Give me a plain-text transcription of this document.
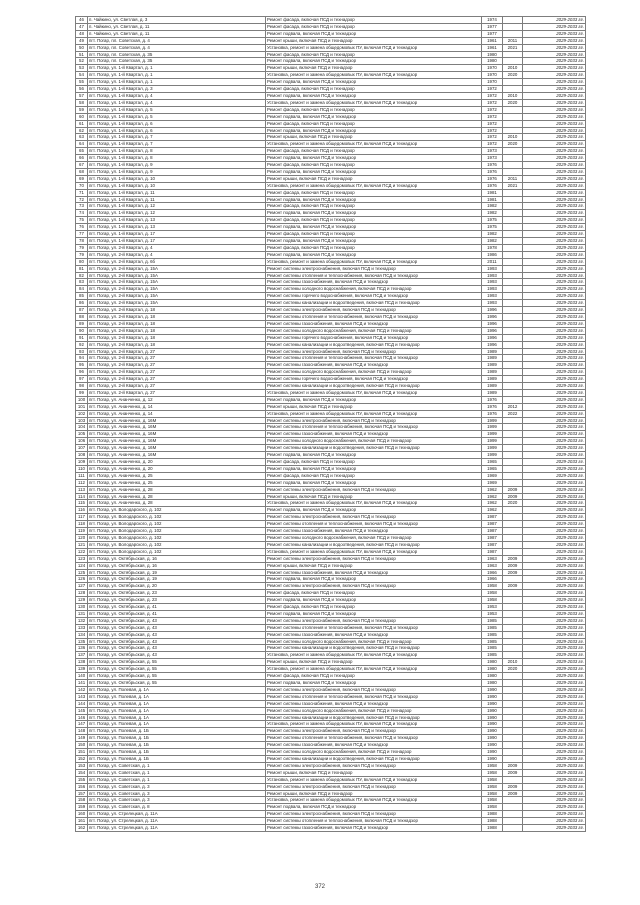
46	п. Чайкино, ул. Светлая, д. 3	Ремонт фасада, включая ПСД и технадзор	1974		2029-2033 гг.
47	п. Чайкино, ул. Светлая, д. 11	Ремонт фасада, включая ПСД и технадзор	1977		2029-2033 гг.
48	п. Чайкино, ул. Светлая, д. 11	Ремонт подвала, включая ПСД и технадзор	1977		2029-2033 гг.
49	пгт. Погар, пл. Советская, д. 4	Ремонт крыши, включая ПСД и технадзор	1961	2011	2029-2033 гг.
50	пгт. Погар, пл. Советская, д. 4	Установка, ремонт и замена общедомовых ПУ, включая ПСД и технадзор	1961	2021	2029-2033 гг.
51	пгт. Погар, пл. Советская, д. 35	Ремонт фасада, включая ПСД и технадзор	1980		2029-2033 гг.
52	пгт. Погар, пл. Советская, д. 35	Ремонт подвала, включая ПСД и технадзор	1980		2029-2033 гг.
53	пгт. Погар, ул. 1-й Квартал, д. 1	Ремонт крыши, включая ПСД и технадзор	1970	2010	2029-2033 гг.
54	пгт. Погар, ул. 1-й Квартал, д. 1	Установка, ремонт и замена общедомовых ПУ, включая ПСД и технадзор	1970	2020	2029-2033 гг.
55	пгт. Погар, ул. 1-й Квартал, д. 1	Ремонт подвала, включая ПСД и технадзор	1970		2029-2033 гг.
56	пгт. Погар, ул. 1-й Квартал, д. 3	Ремонт фасада, включая ПСД и технадзор	1972		2029-2033 гг.
57	пгт. Погар, ул. 1-й Квартал, д. 4	Ремонт подвала, включая ПСД и технадзор	1972	2010	2029-2033 гг.
58	пгт. Погар, ул. 1-й Квартал, д. 4	Установка, ремонт и замена общедомовых ПУ, включая ПСД и технадзор	1972	2020	2029-2033 гг.
59	пгт. Погар, ул. 1-й Квартал, д. 5	Ремонт фасада, включая ПСД и технадзор	1972		2029-2033 гг.
60	пгт. Погар, ул. 1-й Квартал, д. 5	Ремонт подвала, включая ПСД и технадзор	1972		2029-2033 гг.
61	пгт. Погар, ул. 1-й Квартал, д. 6	Ремонт фасада, включая ПСД и технадзор	1972		2029-2033 гг.
62	пгт. Погар, ул. 1-й Квартал, д. 6	Ремонт подвала, включая ПСД и технадзор	1972		2029-2033 гг.
63	пгт. Погар, ул. 1-й Квартал, д. 7	Ремонт крыши, включая ПСД и технадзор	1972	2010	2029-2033 гг.
64	пгт. Погар, ул. 1-й Квартал, д. 7	Установка, ремонт и замена общедомовых ПУ, включая ПСД и технадзор	1972	2020	2029-2033 гг.
65	пгт. Погар, ул. 1-й Квартал, д. 8	Ремонт фасада, включая ПСД и технадзор	1973		2029-2033 гг.
66	пгт. Погар, ул. 1-й Квартал, д. 8	Ремонт подвала, включая ПСД и технадзор	1973		2029-2033 гг.
67	пгт. Погар, ул. 1-й Квартал, д. 9	Ремонт фасада, включая ПСД и технадзор	1976		2029-2033 гг.
68	пгт. Погар, ул. 1-й Квартал, д. 9	Ремонт подвала, включая ПСД и технадзор	1976		2029-2033 гг.
69	пгт. Погар, ул. 1-й Квартал, д. 10	Ремонт крыши, включая ПСД и технадзор	1976	2011	2029-2033 гг.
70	пгт. Погар, ул. 1-й Квартал, д. 10	Установка, ремонт и замена общедомовых ПУ, включая ПСД и технадзор	1976	2021	2029-2033 гг.
71	пгт. Погар, ул. 1-й Квартал, д. 11	Ремонт фасада, включая ПСД и технадзор	1981		2029-2033 гг.
72	пгт. Погар, ул. 1-й Квартал, д. 11	Ремонт подвала, включая ПСД и технадзор	1981		2029-2033 гг.
73	пгт. Погар, ул. 1-й Квартал, д. 12	Ремонт фасада, включая ПСД и технадзор	1982		2029-2033 гг.
74	пгт. Погар, ул. 1-й Квартал, д. 12	Ремонт подвала, включая ПСД и технадзор	1982		2029-2033 гг.
75	пгт. Погар, ул. 1-й Квартал, д. 13	Ремонт фасада, включая ПСД и технадзор	1975		2029-2033 гг.
76	пгт. Погар, ул. 1-й Квартал, д. 13	Ремонт подвала, включая ПСД и технадзор	1975		2029-2033 гг.
77	пгт. Погар, ул. 1-й Квартал, д. 17	Ремонт фасада, включая ПСД и технадзор	1982		2029-2033 гг.
78	пгт. Погар, ул. 1-й Квартал, д. 17	Ремонт подвала, включая ПСД и технадзор	1982		2029-2033 гг.
79	пгт. Погар, ул. 2-й Квартал, д. 4	Ремонт фасада, включая ПСД и технадзор	1978		2029-2033 гг.
79	пгт. Погар, ул. 2-й Квартал, д. 4	Ремонт подвала, включая ПСД и технадзор	1986		2029-2033 гг.
80	пгт. Погар, ул. 2-й Квартал, д. 6б	Установка, ремонт и замена общедомовых ПУ, включая ПСД и технадзор	2011		2029-2033 гг.
81	пгт. Погар, ул. 2-й Квартал, д. 15А	Ремонт системы электроснабжения, включая ПСД и технадзор	1993		2029-2033 гг.
82	пгт. Погар, ул. 2-й Квартал, д. 15А	Ремонт системы отопления и теплоснабжения, включая ПСД и технадзор	1993		2029-2033 гг.
83	пгт. Погар, ул. 2-й Квартал, д. 15А	Ремонт системы газоснабжения, включая ПСД и технадзор	1993		2029-2033 гг.
84	пгт. Погар, ул. 2-й Квартал, д. 15А	Ремонт системы холодного водоснабжения, включая ПСД и технадзор	1993		2029-2033 гг.
85	пгт. Погар, ул. 2-й Квартал, д. 15А	Ремонт системы горячего водоснабжения, включая ПСД и технадзор	1993		2029-2033 гг.
86	пгт. Погар, ул. 2-й Квартал, д. 15А	Ремонт системы канализации и водоотведения, включая ПСД и технадзор	1993		2029-2033 гг.
87	пгт. Погар, ул. 2-й Квартал, д. 18	Ремонт системы электроснабжения, включая ПСД и технадзор	1996		2029-2033 гг.
88	пгт. Погар, ул. 2-й Квартал, д. 18	Ремонт системы отопления и теплоснабжения, включая ПСД и технадзор	1996		2029-2033 гг.
89	пгт. Погар, ул. 2-й Квартал, д. 18	Ремонт системы газоснабжения, включая ПСД и технадзор	1996		2029-2033 гг.
90	пгт. Погар, ул. 2-й Квартал, д. 18	Ремонт системы холодного водоснабжения, включая ПСД и технадзор	1996		2029-2033 гг.
91	пгт. Погар, ул. 2-й Квартал, д. 18	Ремонт системы горячего водоснабжения, включая ПСД и технадзор	1996		2029-2033 гг.
92	пгт. Погар, ул. 2-й Квартал, д. 18	Ремонт системы канализации и водоотведения, включая ПСД и технадзор	1996		2029-2033 гг.
93	пгт. Погар, ул. 2-й Квартал, д. 27	Ремонт системы электроснабжения, включая ПСД и технадзор	1989		2029-2033 гг.
94	пгт. Погар, ул. 2-й Квартал, д. 27	Ремонт системы отопления и теплоснабжения, включая ПСД и технадзор	1989		2029-2033 гг.
95	пгт. Погар, ул. 2-й Квартал, д. 27	Ремонт системы газоснабжения, включая ПСД и технадзор	1989		2029-2033 гг.
96	пгт. Погар, ул. 2-й Квартал, д. 27	Ремонт системы холодного водоснабжения, включая ПСД и технадзор	1989		2029-2033 гг.
97	пгт. Погар, ул. 2-й Квартал, д. 27	Ремонт системы горячего водоснабжения, включая ПСД и технадзор	1989		2029-2033 гг.
98	пгт. Погар, ул. 2-й Квартал, д. 27	Ремонт системы канализации и водоотведения, включая ПСД и технадзор	1989		2029-2033 гг.
99	пгт. Погар, ул. 2-й Квартал, д. 27	Установка, ремонт и замена общедомовых ПУ, включая ПСД и технадзор	1989		2029-2033 гг.
100	пгт. Погар, ул. Ананченко, д. 12	Ремонт подвала, включая ПСД и технадзор	1976		2029-2033 гг.
101	пгт. Погар, ул. Ананченко, д. 14	Ремонт крыши, включая ПСД и технадзор	1976	2012	2029-2033 гг.
102	пгт. Погар, ул. Ананченко, д. 14	Установка, ремонт и замена общедомовых ПУ, включая ПСД и технадзор	1976	2022	2029-2033 гг.
103	пгт. Погар, ул. Ананченко, д. 16М	Ремонт системы электроснабжения, включая ПСД и технадзор	1999		2029-2033 гг.
104	пгт. Погар, ул. Ананченко, д. 16М	Ремонт системы отопления и теплоснабжения, включая ПСД и технадзор	1999		2029-2033 гг.
105	пгт. Погар, ул. Ананченко, д. 16М	Ремонт системы газоснабжения, включая ПСД и технадзор	1999		2029-2033 гг.
106	пгт. Погар, ул. Ананченко, д. 16М	Ремонт системы холодного водоснабжения, включая ПСД и технадзор	1999		2029-2033 гг.
107	пгт. Погар, ул. Ананченко, д. 16М	Ремонт системы канализации и водоотведения, включая ПСД и технадзор	1999		2029-2033 гг.
108	пгт. Погар, ул. Ананченко, д. 16М	Ремонт подвала, включая ПСД и технадзор	1999		2029-2033 гг.
109	пгт. Погар, ул. Ананченко, д. 20	Ремонт фасада, включая ПСД и технадзор	1965		2029-2033 гг.
110	пгт. Погар, ул. Ананченко, д. 20	Ремонт подвала, включая ПСД и технадзор	1965		2029-2033 гг.
111	пгт. Погар, ул. Ананченко, д. 25	Ремонт фасада, включая ПСД и технадзор	1969		2029-2033 гг.
112	пгт. Погар, ул. Ананченко, д. 25	Ремонт подвала, включая ПСД и технадзор	1969		2029-2033 гг.
113	пгт. Погар, ул. Ананченко, д. 28	Ремонт системы электроснабжения, включая ПСД и технадзор	1962	2009	2029-2033 гг.
114	пгт. Погар, ул. Ананченко, д. 28	Ремонт крыши, включая ПСД и технадзор	1962	2009	2029-2033 гг.
115	пгт. Погар, ул. Ананченко, д. 28	Установка, ремонт и замена общедомовых ПУ, включая ПСД и технадзор	1962	2020	2029-2033 гг.
116	пгт. Погар, ул. Володарского, д. 102	Ремонт подвала, включая ПСД и технадзор	1962		2029-2033 гг.
117	пгт. Погар, ул. Володарского, д. 102	Ремонт системы электроснабжения, включая ПСД и технадзор	1987		2029-2033 гг.
118	пгт. Погар, ул. Володарского, д. 102	Ремонт системы отопления и теплоснабжения, включая ПСД и технадзор	1987		2029-2033 гг.
119	пгт. Погар, ул. Володарского, д. 102	Ремонт системы газоснабжения, включая ПСД и технадзор	1987		2029-2033 гг.
120	пгт. Погар, ул. Володарского, д. 102	Ремонт системы холодного водоснабжения, включая ПСД и технадзор	1987		2029-2033 гг.
121	пгт. Погар, ул. Володарского, д. 102	Ремонт системы канализации и водоотведения, включая ПСД и технадзор	1987		2029-2033 гг.
122	пгт. Погар, ул. Володарского, д. 102	Установка, ремонт и замена общедомовых ПУ, включая ПСД и технадзор	1987		2029-2033 гг.
123	пгт. Погар, ул. Октябрьская, д. 16	Ремонт системы электроснабжения, включая ПСД и технадзор	1963	2009	2029-2033 гг.
124	пгт. Погар, ул. Октябрьская, д. 16	Ремонт крыши, включая ПСД и технадзор	1963	2009	2029-2033 гг.
125	пгт. Погар, ул. Октябрьская, д. 19	Ремонт системы газоснабжения, включая ПСД и технадзор	1966	2009	2029-2033 гг.
126	пгт. Погар, ул. Октябрьская, д. 19	Ремонт подвала, включая ПСД и технадзор	1966		2029-2033 гг.
127	пгт. Погар, ул. Октябрьская, д. 20	Ремонт системы электроснабжения, включая ПСД и технадзор	1958	2009	2029-2033 гг.
128	пгт. Погар, ул. Октябрьская, д. 23	Ремонт фасада, включая ПСД и технадзор	1958		2029-2033 гг.
129	пгт. Погар, ул. Октябрьская, д. 23	Ремонт подвала, включая ПСД и технадзор	1958		2029-2033 гг.
130	пгт. Погар, ул. Октябрьская, д. 41	Ремонт фасада, включая ПСД и технадзор	1953		2029-2033 гг.
131	пгт. Погар, ул. Октябрьская, д. 41	Ремонт подвала, включая ПСД и технадзор	1953		2029-2033 гг.
132	пгт. Погар, ул. Октябрьская, д. 43	Ремонт системы электроснабжения, включая ПСД и технадзор	1985		2029-2033 гг.
133	пгт. Погар, ул. Октябрьская, д. 43	Ремонт системы отопления и теплоснабжения, включая ПСД и технадзор	1985		2029-2033 гг.
134	пгт. Погар, ул. Октябрьская, д. 43	Ремонт системы газоснабжения, включая ПСД и технадзор	1985		2029-2033 гг.
135	пгт. Погар, ул. Октябрьская, д. 43	Ремонт системы холодного водоснабжения, включая ПСД и технадзор	1985		2029-2033 гг.
136	пгт. Погар, ул. Октябрьская, д. 43	Ремонт системы канализации и водоотведения, включая ПСД и технадзор	1985		2029-2033 гг.
137	пгт. Погар, ул. Октябрьская, д. 43	Установка, ремонт и замена общедомовых ПУ, включая ПСД и технадзор	1985		2029-2033 гг.
138	пгт. Погар, ул. Октябрьская, д. 55	Ремонт крыши, включая ПСД и технадзор	1980	2010	2029-2033 гг.
139	пгт. Погар, ул. Октябрьская, д. 55	Установка, ремонт и замена общедомовых ПУ, включая ПСД и технадзор	1980	2020	2029-2033 гг.
140	пгт. Погар, ул. Октябрьская, д. 55	Ремонт фасада, включая ПСД и технадзор	1980		2029-2033 гг.
141	пгт. Погар, ул. Октябрьская, д. 55	Ремонт подвала, включая ПСД и технадзор	1980		2029-2033 гг.
142	пгт. Погар, ул. Полевая, д. 1А	Ремонт системы электроснабжения, включая ПСД и технадзор	1990		2029-2033 гг.
143	пгт. Погар, ул. Полевая, д. 1А	Ремонт системы отопления и теплоснабжения, включая ПСД и технадзор	1990		2029-2033 гг.
144	пгт. Погар, ул. Полевая, д. 1А	Ремонт системы газоснабжения, включая ПСД и технадзор	1990		2029-2033 гг.
145	пгт. Погар, ул. Полевая, д. 1А	Ремонт системы холодного водоснабжения, включая ПСД и технадзор	1990		2029-2033 гг.
146	пгт. Погар, ул. Полевая, д. 1А	Ремонт системы канализации и водоотведения, включая ПСД и технадзор	1990		2029-2033 гг.
147	пгт. Погар, ул. Полевая, д. 1А	Установка, ремонт и замена общедомовых ПУ, включая ПСД и технадзор	1990		2029-2033 гг.
148	пгт. Погар, ул. Полевая, д. 1Б	Ремонт системы электроснабжения, включая ПСД и технадзор	1990		2029-2033 гг.
149	пгт. Погар, ул. Полевая, д. 1Б	Ремонт системы отопления и теплоснабжения, включая ПСД и технадзор	1990		2029-2033 гг.
150	пгт. Погар, ул. Полевая, д. 1Б	Ремонт системы газоснабжения, включая ПСД и технадзор	1990		2029-2033 гг.
151	пгт. Погар, ул. Полевая, д. 1Б	Ремонт системы холодного водоснабжения, включая ПСД и технадзор	1990		2029-2033 гг.
152	пгт. Погар, ул. Полевая, д. 1Б	Ремонт системы канализации и водоотведения, включая ПСД и технадзор	1990		2029-2033 гг.
153	пгт. Погар, ул. Советская, д. 1	Ремонт системы электроснабжения, включая ПСД и технадзор	1958	2009	2029-2033 гг.
154	пгт. Погар, ул. Советская, д. 1	Ремонт крыши, включая ПСД и технадзор	1958	2009	2029-2033 гг.
155	пгт. Погар, ул. Советская, д. 1	Установка, ремонт и замена общедомовых ПУ, включая ПСД и технадзор	1958		2029-2033 гг.
156	пгт. Погар, ул. Советская, д. 3	Ремонт системы электроснабжения, включая ПСД и технадзор	1958	2009	2029-2033 гг.
157	пгт. Погар, ул. Советская, д. 3	Ремонт крыши, включая ПСД и технадзор	1958	2009	2029-2033 гг.
158	пгт. Погар, ул. Советская, д. 3	Установка, ремонт и замена общедомовых ПУ, включая ПСД и технадзор	1958		2029-2033 гг.
159	пгт. Погар, ул. Советская, д. 8	Ремонт подвала, включая ПСД и технадзор	1958		2029-2033 гг.
160	пгт. Погар, ул. Стрелецкая, д. 11А	Ремонт системы электроснабжения, включая ПСД и технадзор	1988		2029-2033 гг.
161	пгт. Погар, ул. Стрелецкая, д. 11А	Ремонт системы отопления и теплоснабжения, включая ПСД и технадзор	1988		2029-2033 гг.
162	пгт. Погар, ул. Стрелецкая, д. 11А	Ремонт системы газоснабжения, включая ПСД и технадзор	1988		2029-2033 гг.
372
